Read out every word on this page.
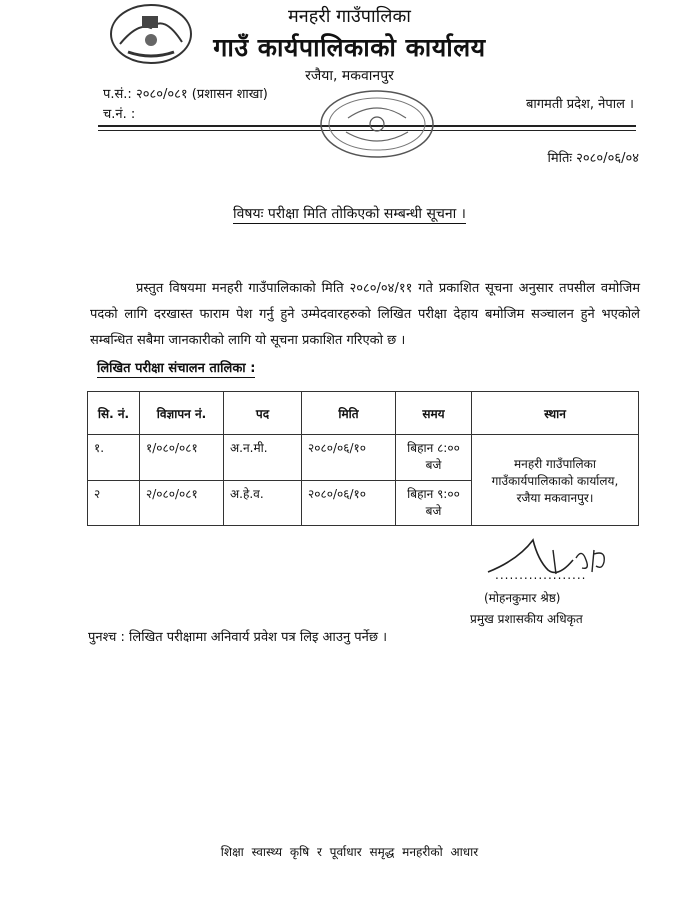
मनहरी गाउँपालिका
गाउँ कार्यपालिकाको कार्यालय
रजैया, मकवानपुर
प.सं.: २०८०/०८१ (प्रशासन शाखा)
च.नं. :
बागमती प्रदेश, नेपाल ।
मितिः २०८०/०६/०४
विषयः परीक्षा मिति तोकिएको सम्बन्धी सूचना ।
प्रस्तुत विषयमा मनहरी गाउँपालिकाको मिति २०८०/०४/११ गते प्रकाशित सूचना अनुसार तपसील वमोजिम पदको लागि दरखास्त फाराम पेश गर्नु हुने उम्मेदवारहरुको लिखित परीक्षा देहाय बमोजिम सञ्चालन हुने भएकोले सम्बन्धित सबैमा जानकारीको लागि यो सूचना प्रकाशित गरिएको छ ।
लिखित परीक्षा संचालन तालिका :
सि. नं.	विज्ञापन नं.	पद	मिति	समय	स्थान
१.	१/०८०/०८१	अ.न.मी.	२०८०/०६/१०	बिहान ८:०० बजे	मनहरी गाउँपालिका गाउँकार्यपालिकाको कार्यालय, रजैया मकवानपुर।
२	२/०८०/०८१	अ.हे.व.	२०८०/०६/१०	बिहान ९:०० बजे	
...................
(मोहनकुमार श्रेष्ठ)
प्रमुख प्रशासकीय अधिकृत
पुनश्च : लिखित परीक्षामा अनिवार्य प्रवेश पत्र लिइ आउनु पर्नेछ ।
शिक्षा स्वास्थ्य कृषि र पूर्वाधार समृद्ध मनहरीको आधार
